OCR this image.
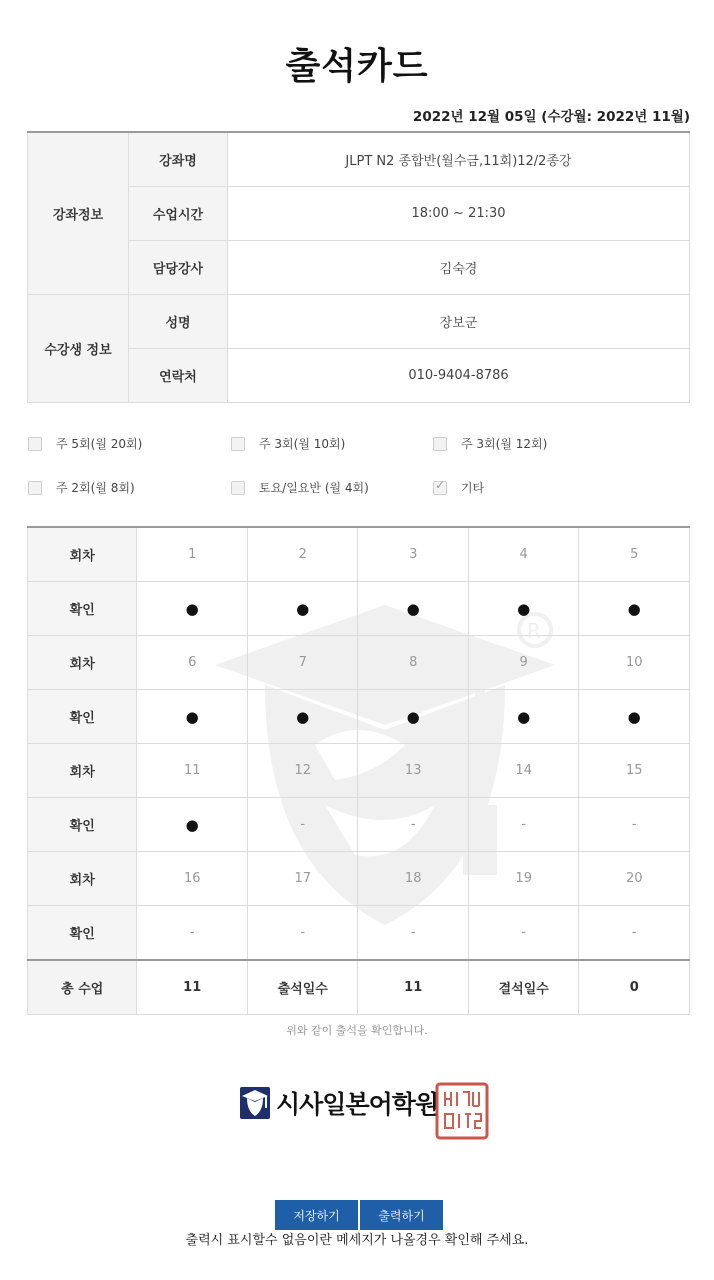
출석카드
2022년 12월 05일 (수강월: 2022년 11월)
강좌정보	강좌명	JLPT N2 종합반(월수금,11회)12/2종강
	수업시간	18:00 ~ 21:30
	담당강사	김숙경
수강생 정보	성명	장보군
	연락처	010-9404-8786
주 5회(월 20회)	주 3회(월 10회)	주 3회(월 12회)
주 2회(월 8회)	토요/일요반 (월 4회) ✓	기타
회차	1	2	3	4	5
확인	●	●	●	●	●
회차	6	7	8	9	10
확인	●	●	●	●	●
회차	11	12	13	14	15
확인	●	-	-	-	-
회차	16	17	18	19	20
확인	-	-	-	-	-
총 수업	11	출석일수	11	결석일수	0
위와 같이 출석을 확인합니다.
시사일본어학원
저장하기	출력하기
출력시 표시할수 없음이란 메세지가 나올경우 확인해 주세요.
